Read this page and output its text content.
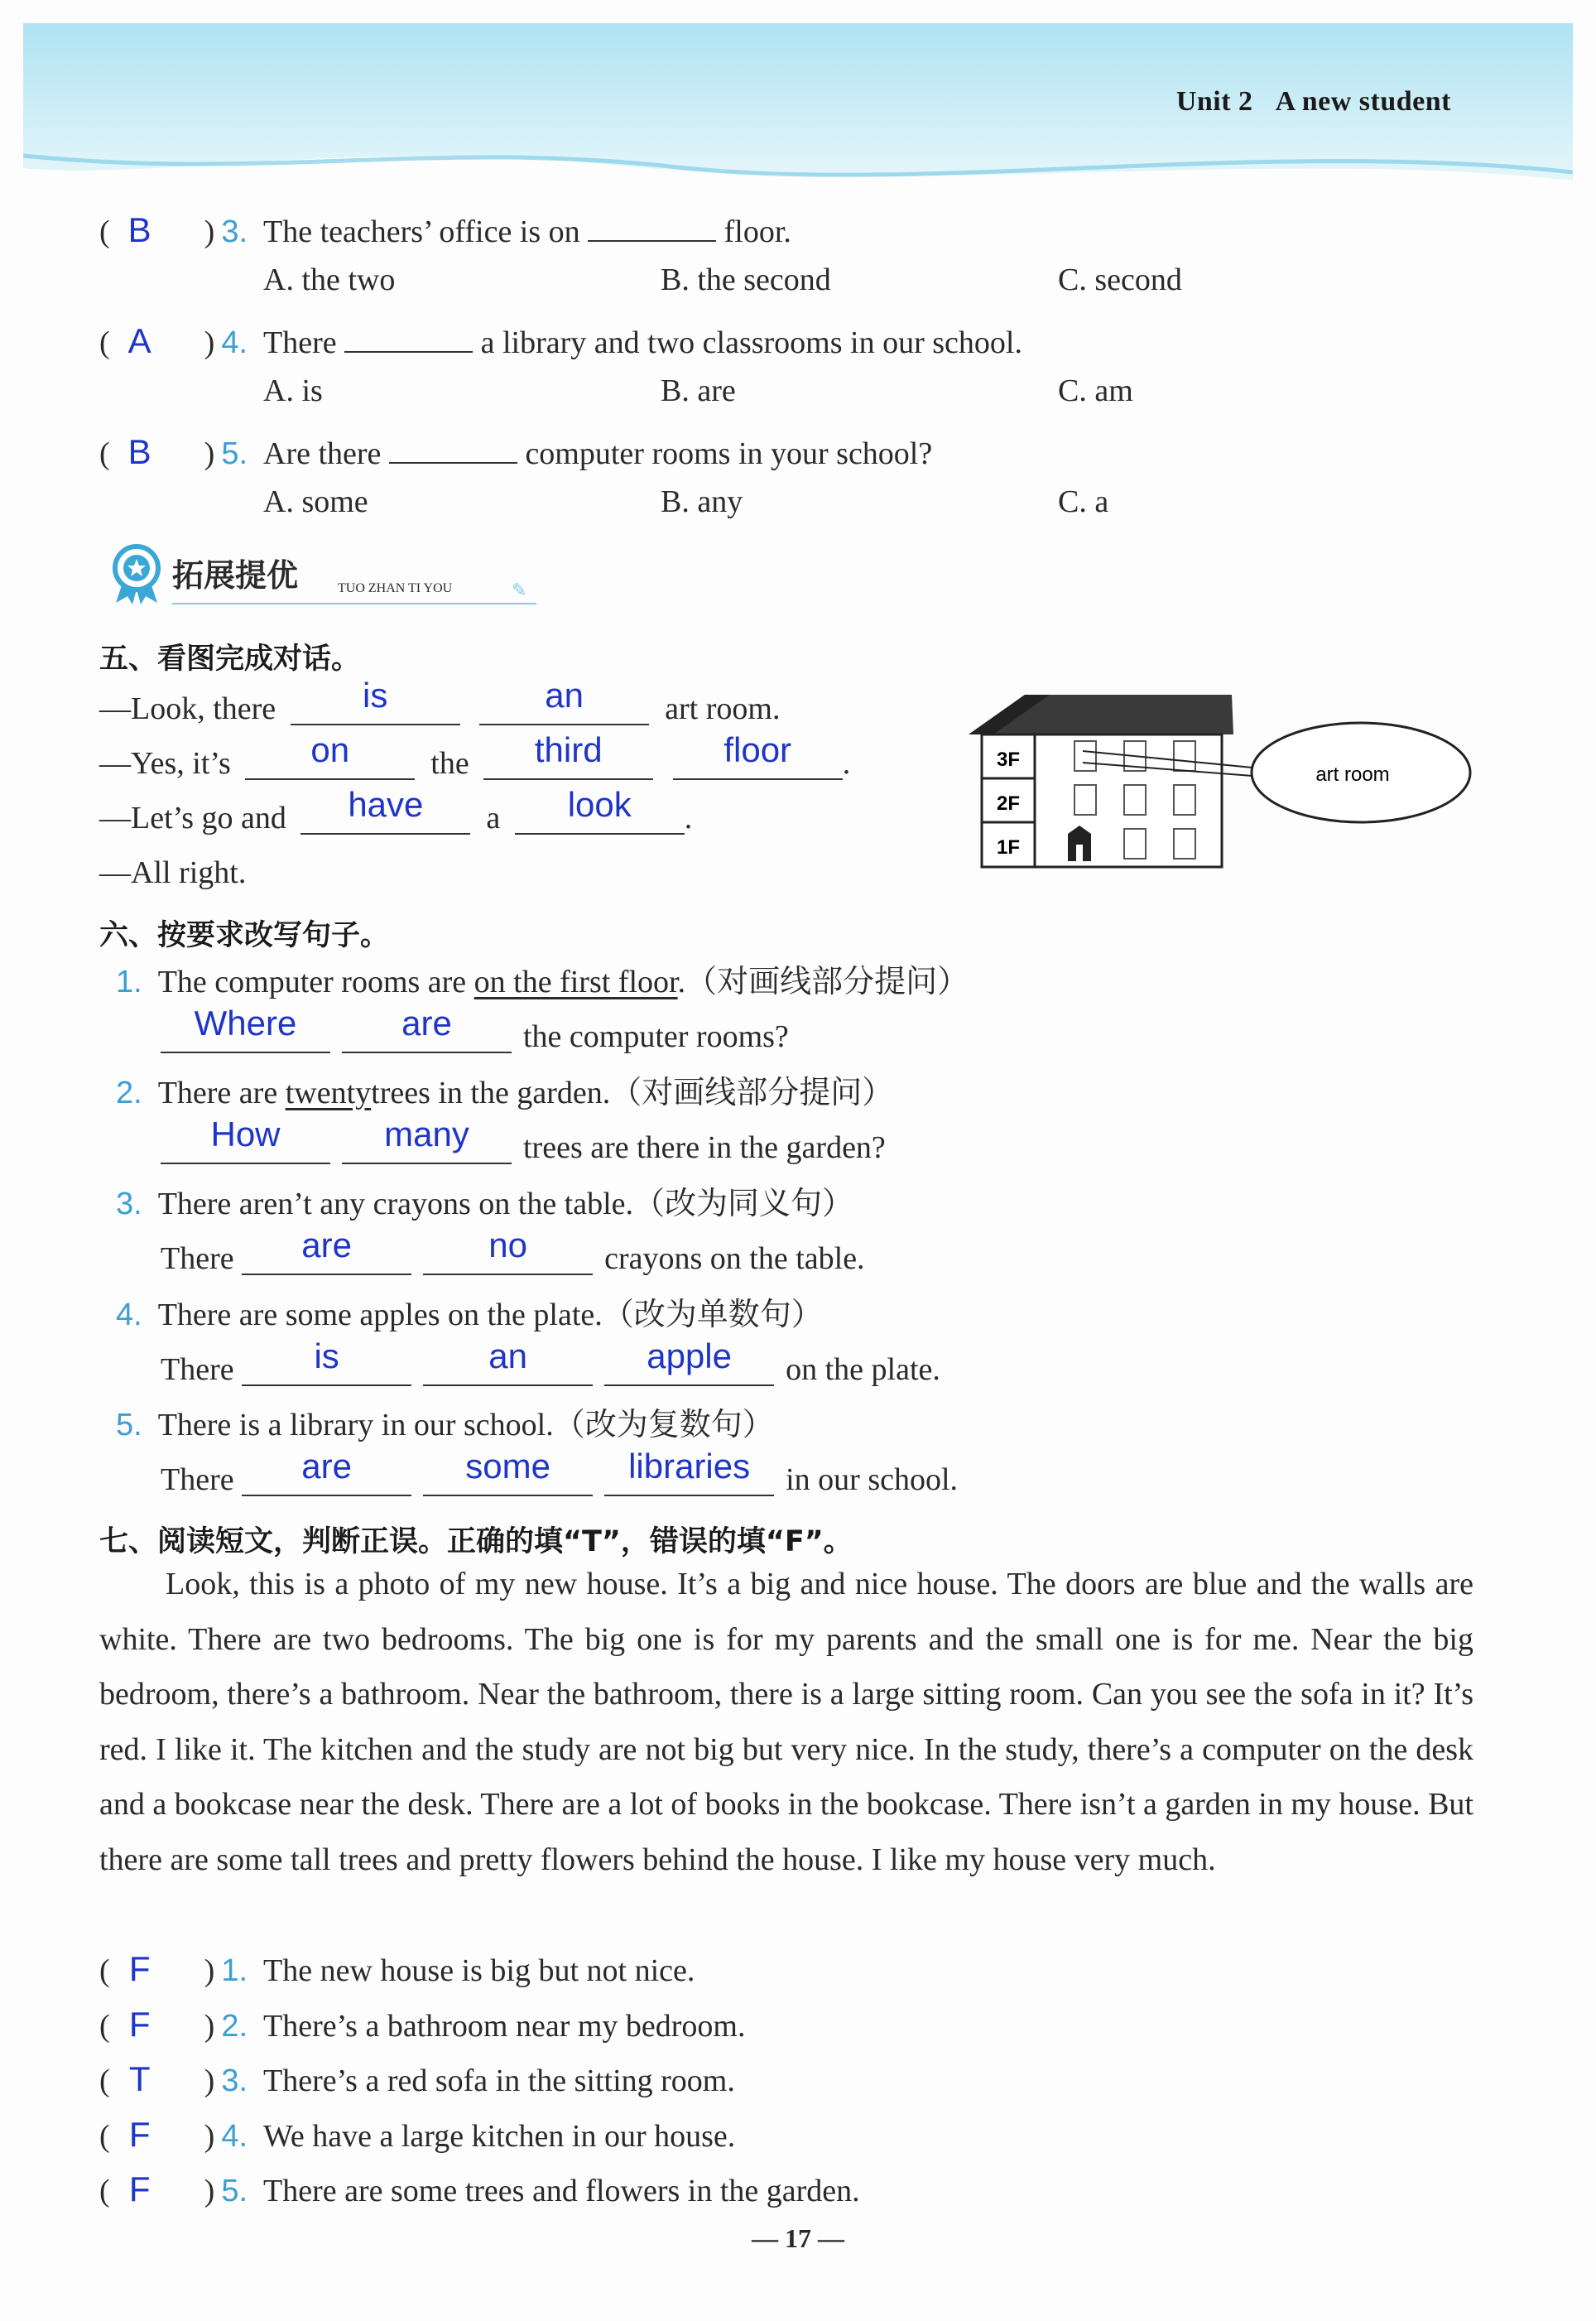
Unit 2 A new student
( B ) 3. The teachers’ office is on	floor.
A. the two	B. the second	C. second
( A ) 4. There	a library and two classrooms in our school.
A. is	B. are	C. am
( B ) 5. Are there	computer rooms in your school?
A. some	B. any	C. a
拓展提优	TUO ZHAN TI YOU	✎
五、看图完成对话。
—Look, there is	an	art room.
—Yes, it’s on	the third	floor .
—Let’s go and have a look .
—All right.
3F
2F
1F
art room
六、按要求改写句子。
1. The computer rooms are on the first floor.（对画线部分提问）
Where	are the computer rooms?
2. There are twentytrees in the garden.（对画线部分提问）
How	many trees are there in the garden?
3. There aren’t any crayons on the table.（改为同义句）
There are	no crayons on the table.
4. There are some apples on the plate.（改为单数句）
There is	an	apple on the plate.
5. There is a library in our school.（改为复数句）
There are	some libraries in our school.
七、阅读短文，判断正误。正确的填“T”，错误的填“F”。

Look, this is a photo of my new house. It’s a big and nice house. The doors are blue and the walls are white. There are two bedrooms. The big one is for my parents and the small one is for me. Near the big bedroom, there’s a bathroom. Near the bathroom, there is a large sitting room. Can you see the sofa in it? It’s red. I like it. The kitchen and the study are not big but very nice. In the study, there’s a computer on the desk and a bookcase near the desk. There are a lot of books in the bookcase. There isn’t a garden in my house. But there are some tall trees and pretty flowers behind the house. I like my house very much.

( F ) 1. The new house is big but not nice.
( F ) 2. There’s a bathroom near my bedroom.
( T ) 3. There’s a red sofa in the sitting room.
( F ) 4. We have a large kitchen in our house.
( F ) 5. There are some trees and flowers in the garden.
— 17 —
